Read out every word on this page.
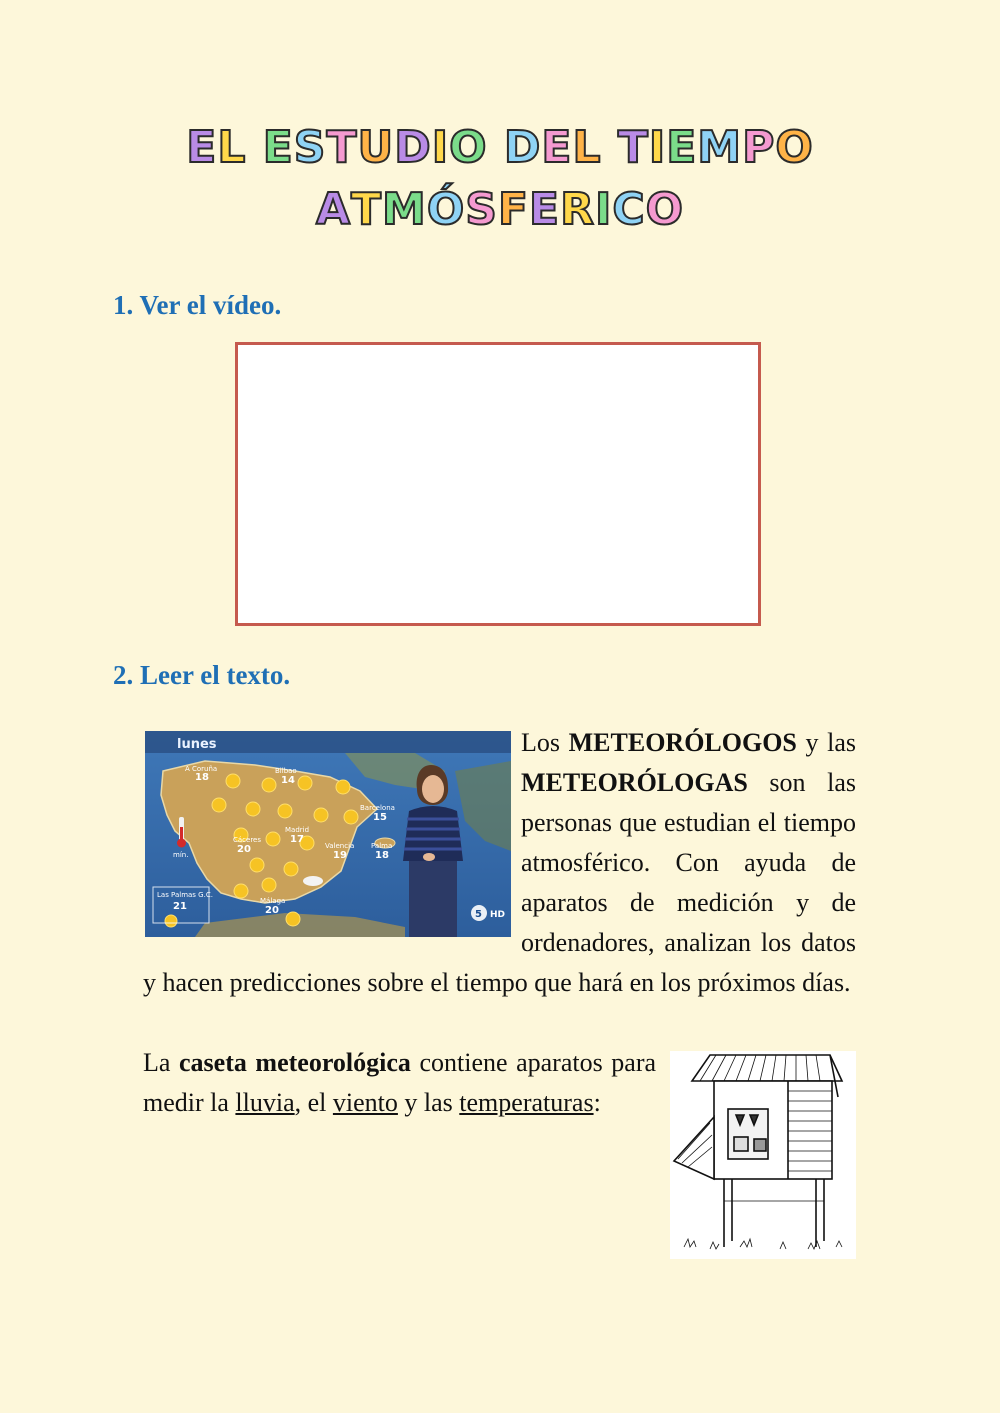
EL ESTUDIO DEL TIEMPO
ATMÓSFERICO
1. Ver el vídeo.
2. Leer el texto.

lunes
A Coruña
18
Bilbao
14
Barcelona
15
Madrid
17
Cáceres
20	Valencia
19
Palma
18
Málaga
20
Las Palmas G.C.
21
mín.
5 HD
Los METEORÓLOGOS y las METEORÓLOGAS son las personas que estudian el tiempo atmosférico. Con ayuda de aparatos de medición y de ordenadores, analizan los datos y hacen predicciones sobre el tiempo que hará en los próximos días.

La caseta meteorológica contiene aparatos para medir la lluvia, el viento y las temperaturas:
